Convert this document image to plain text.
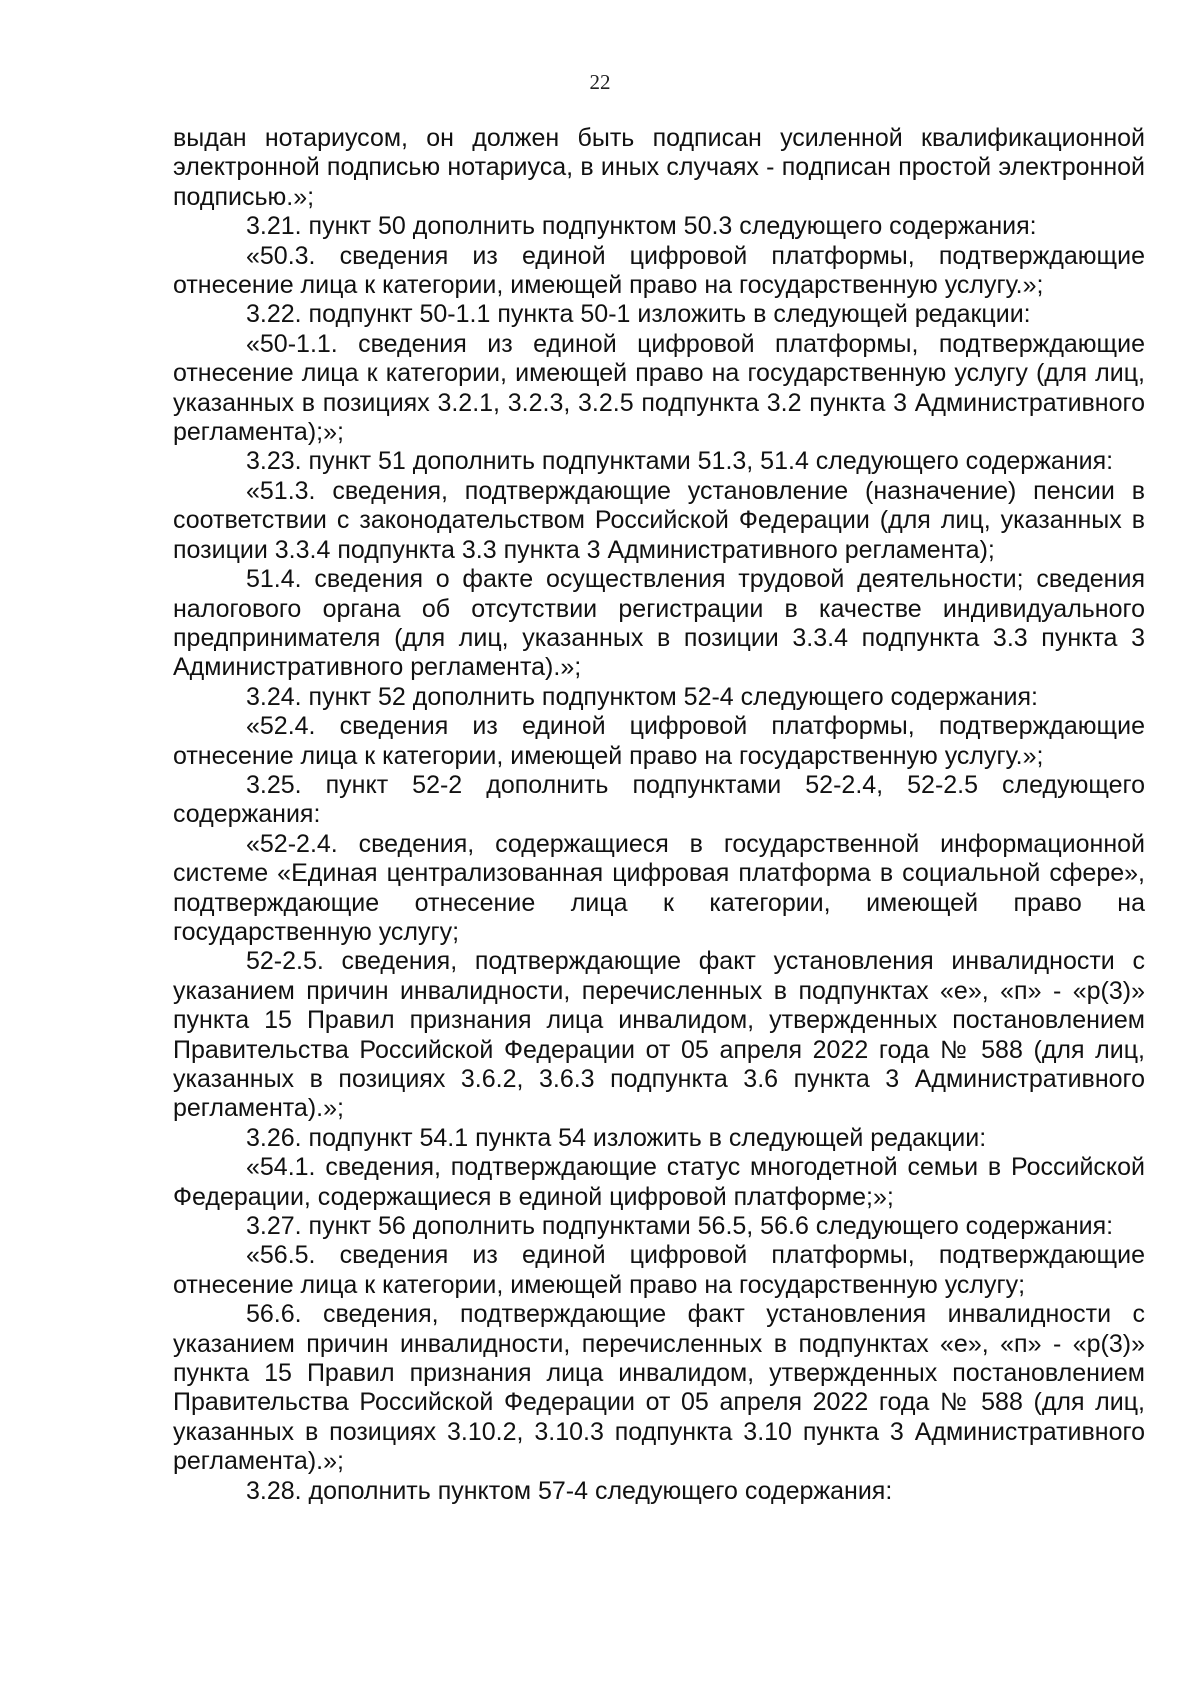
22

выдан нотариусом, он должен быть подписан усиленной квалификационной электронной подписью нотариуса, в иных случаях - подписан простой электронной подписью.»;

3.21. пункт 50 дополнить подпунктом 50.3 следующего содержания:

«50.3. сведения из единой цифровой платформы, подтверждающие отнесение лица к категории, имеющей право на государственную услугу.»;

3.22. подпункт 50-1.1 пункта 50-1 изложить в следующей редакции:

«50-1.1. сведения из единой цифровой платформы, подтверждающие отнесение лица к категории, имеющей право на государственную услугу (для лиц, указанных в позициях 3.2.1, 3.2.3, 3.2.5 подпункта 3.2 пункта 3 Административного регламента);»;

3.23. пункт 51 дополнить подпунктами 51.3, 51.4 следующего содержания:

«51.3. сведения, подтверждающие установление (назначение) пенсии в соответствии с законодательством Российской Федерации (для лиц, указанных в позиции 3.3.4 подпункта 3.3 пункта 3 Административного регламента);

51.4. сведения о факте осуществления трудовой деятельности; сведения налогового органа об отсутствии регистрации в качестве индивидуального предпринимателя (для лиц, указанных в позиции 3.3.4 подпункта 3.3 пункта 3 Административного регламента).»;

3.24. пункт 52 дополнить подпунктом 52-4 следующего содержания:

«52.4. сведения из единой цифровой платформы, подтверждающие отнесение лица к категории, имеющей право на государственную услугу.»;

3.25. пункт 52-2 дополнить подпунктами 52-2.4, 52-2.5 следующего содержания:

«52-2.4. сведения, содержащиеся в государственной информационной системе «Единая централизованная цифровая платформа в социальной сфере», подтверждающие отнесение лица к категории, имеющей право на государственную услугу;

52-2.5. сведения, подтверждающие факт установления инвалидности с указанием причин инвалидности, перечисленных в подпунктах «е», «п» - «р(3)» пункта 15 Правил признания лица инвалидом, утвержденных постановлением Правительства Российской Федерации от 05 апреля 2022 года № 588 (для лиц, указанных в позициях 3.6.2, 3.6.3 подпункта 3.6 пункта 3 Административного регламента).»;

3.26. подпункт 54.1 пункта 54 изложить в следующей редакции:

«54.1. сведения, подтверждающие статус многодетной семьи в Российской Федерации, содержащиеся в единой цифровой платформе;»;

3.27. пункт 56 дополнить подпунктами 56.5, 56.6 следующего содержания:

«56.5. сведения из единой цифровой платформы, подтверждающие отнесение лица к категории, имеющей право на государственную услугу;

56.6. сведения, подтверждающие факт установления инвалидности с указанием причин инвалидности, перечисленных в подпунктах «е», «п» - «р(3)» пункта 15 Правил признания лица инвалидом, утвержденных постановлением Правительства Российской Федерации от 05 апреля 2022 года № 588 (для лиц, указанных в позициях 3.10.2, 3.10.3 подпункта 3.10 пункта 3 Административного регламента).»;

3.28. дополнить пунктом 57-4 следующего содержания:
